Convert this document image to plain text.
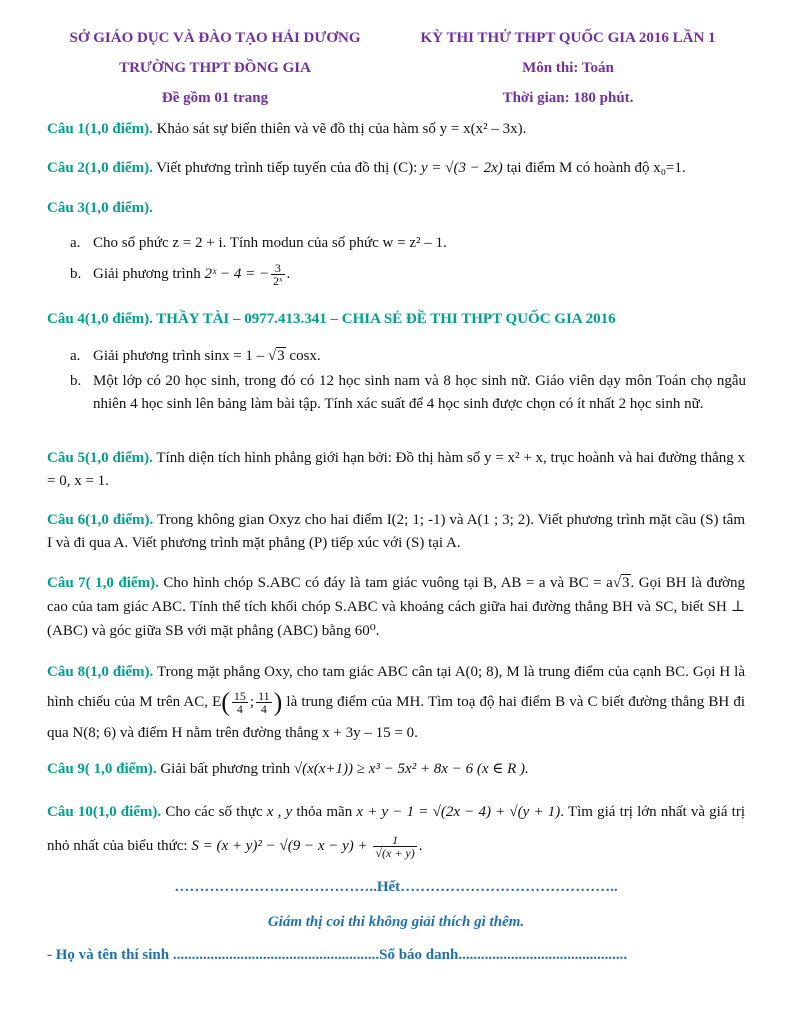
SỞ GIÁO DỤC VÀ ĐÀO TẠO HẢI DƯƠNG	KỲ THI THỬ THPT QUỐC GIA 2016 LẦN 1
TRƯỜNG THPT ĐỒNG GIA	Môn thi: Toán
Đề gồm 01 trang	Thời gian: 180 phút.
Câu 1(1,0 điểm). Khảo sát sự biến thiên và vẽ đồ thị của hàm số y = x(x² – 3x).
Câu 2(1,0 điểm). Viết phương trình tiếp tuyến của đồ thị (C): y = √(3 − 2x) tại điểm M có hoành độ x₀=1.
Câu 3(1,0 điểm).
a. Cho số phức z = 2 + i. Tính modun của số phức w = z² – 1.
b. Giải phương trình 2ˣ − 4 = − $\frac{3}{\text{2ˣ}}$ .
Câu 4(1,0 điểm). THẦY TÀI – 0977.413.341 – CHIA SẺ ĐỀ THI THPT QUỐC GIA 2016
a. Giải phương trình sinx = 1 – √3 cosx.
b. Một lớp có 20 học sinh, trong đó có 12 học sinh nam và 8 học sinh nữ. Giáo viên dạy môn Toán chọ ngẫu nhiên 4 học sinh lên bảng làm bài tập. Tính xác suất để 4 học sinh được chọn có ít nhất 2 học sinh nữ.
Câu 5(1,0 điểm). Tính diện tích hình phẳng giới hạn bởi: Đồ thị hàm số y = x² + x, trục hoành và hai đường thẳng x = 0, x = 1.
Câu 6(1,0 điểm). Trong không gian Oxyz cho hai điểm I(2; 1; -1) và A(1 ; 3; 2). Viết phương trình mặt cầu (S) tâm I và đi qua A. Viết phương trình mặt phẳng (P) tiếp xúc với (S) tại A.
Câu 7( 1,0 điểm). Cho hình chóp S.ABC có đáy là tam giác vuông tại B, AB = a và BC = a√3. Gọi BH là đường cao của tam giác ABC. Tính thể tích khối chóp S.ABC và khoảng cách giữa hai đường thẳng BH và SC, biết SH ⊥ (ABC) và góc giữa SB với mặt phẳng (ABC) bằng 60⁰.
Câu 8(1,0 điểm). Trong mặt phẳng Oxy, cho tam giác ABC cân tại A(0; 8), M là trung điểm của cạnh BC. Gọi H là hình chiếu của M trên AC, $E( \frac{15}{4}$ ; $\frac{11}{4}$ ) là trung điểm của MH. Tìm toạ độ hai điểm B và C biết đường thẳng BH đi qua N(8; 6) và điểm H nằm trên đường thẳng x + 3y – 15 = 0.
Câu 9( 1,0 điểm). Giải bất phương trình √(x(x+1)) ≥ x³ − 5x² + 8x − 6 (x ∈ R ).
Câu 10(1,0 điểm). Cho các số thực x , y thỏa mãn x + y − 1 = √(2x − 4) + √(y + 1). Tìm giá trị lớn nhất và giá trị nhỏ nhất của biểu thức: $S = (x + y)^2 - √(9 - x - y) + \frac{1}{√(x + y)}$ .
…………………………………..Hết……………………………………..
Giám thị coi thi không giải thích gì thêm.
- Họ và tên thí sinh .......................................................Số báo danh.............................................
